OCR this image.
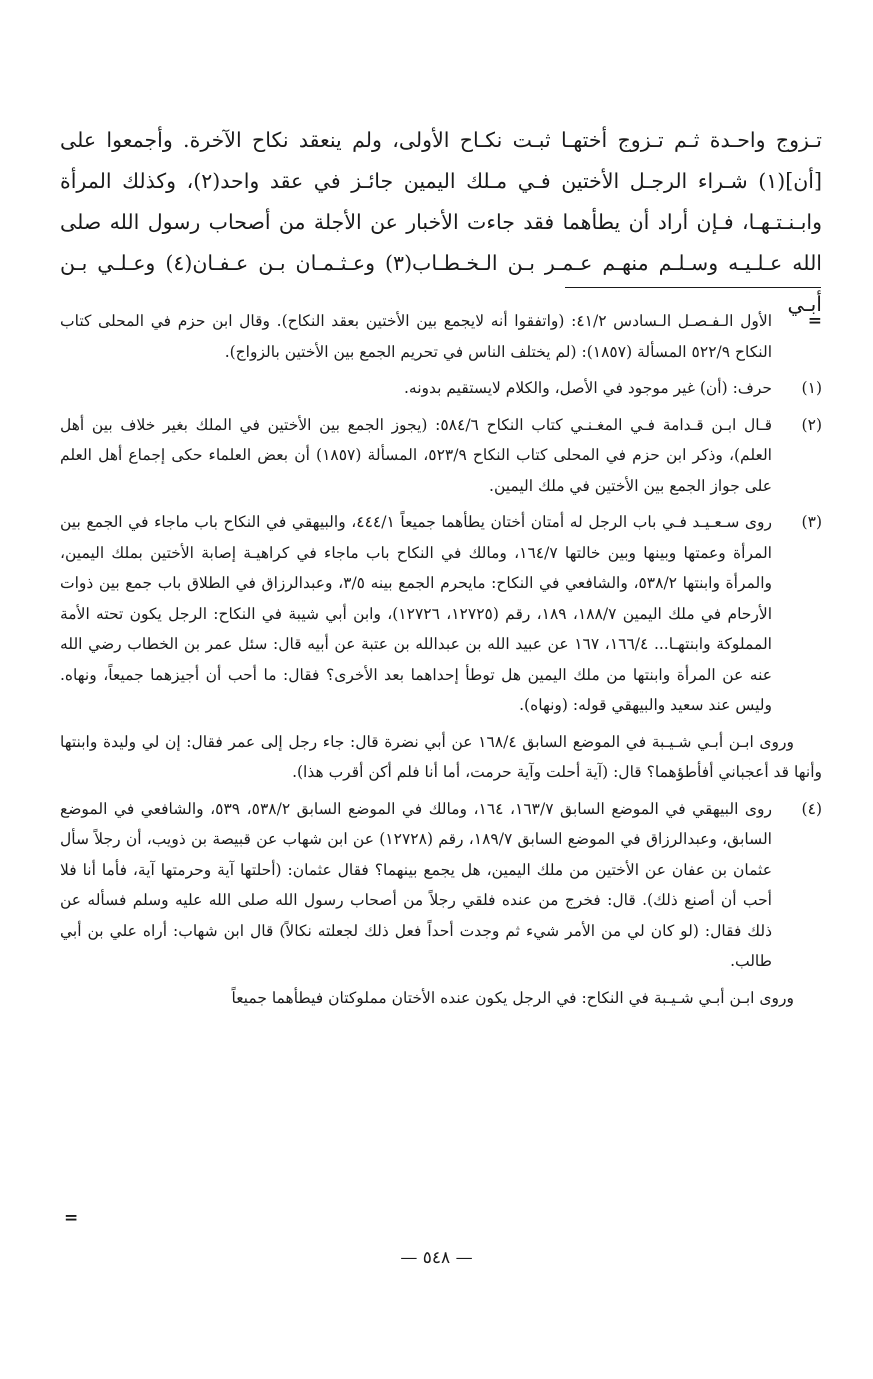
تـزوج واحـدة ثـم تـزوج أختهـا ثبـت نكـاح الأولى، ولم ينعقد نكاح الآخرة. وأجمعوا على

[أن](١) شـراء الرجـل الأختين فـي مـلك اليمين جائـز في عقد واحد(٢)، وكذلك المرأة

وابـنـتـهـا، فـإن أراد أن يطأهما فقد جاءت الأخبار عن الأجلة من أصحاب رسول الله صلى

الله عـلـيـه وسـلـم منهـم عـمـر بـن الـخـطـاب(٣) وعـثـمـان بـن عـفـان(٤) وعـلـي بـن أبـي

=

الأول الـفـصـل الـسادس ٤١/٢: (واتفقوا أنه لايجمع بين الأختين بعقد النكاح). وقال ابن حزم في المحلى كتاب النكاح ٥٢٢/٩ المسألة (١٨٥٧): (لم يختلف الناس في تحريم الجمع بين الأختين بالزواج).

(١)

حرف: (أن) غير موجود في الأصل، والكلام لايستقيم بدونه.

(٢)

قـال ابـن قـدامة فـي المغـنـي كتاب النكاح ٥٨٤/٦: (يجوز الجمع بين الأختين في الملك بغير خلاف بين أهل العلم)، وذكر ابن حزم في المحلى كتاب النكاح ٥٢٣/٩، المسألة (١٨٥٧) أن بعض العلماء حكى إجماع أهل العلم على جواز الجمع بين الأختين في ملك اليمين.

(٣)

روى سـعـيـد فـي باب الرجل له أمتان أختان يطأهما جميعاً ٤٤٤/١، والبيهقي في النكاح باب ماجاء في الجمع بين المرأة وعمتها وبينها وبين خالتها ١٦٤/٧، ومالك في النكاح باب ماجاء في كراهيـة إصابة الأختين بملك اليمين، والمرأة وابنتها ٥٣٨/٢، والشافعي في النكاح: مايحرم الجمع بينه ٣/٥، وعبدالرزاق في الطلاق باب جمع بين ذوات الأرحام في ملك اليمين ١٨٨/٧، ١٨٩، رقم (١٢٧٢٥، ١٢٧٢٦)، وابن أبي شيبة في النكاح: الرجل يكون تحته الأمة المملوكة وابنتهـا... ١٦٦/٤، ١٦٧ عن عبيد الله بن عبدالله بن عتبة عن أبيه قال: سئل عمر بن الخطاب رضي الله عنه عن المرأة وابنتها من ملك اليمين هل توطأ إحداهما بعد الأخرى؟ فقال: ما أحب أن أجيزهما جميعاً، ونهاه. وليس عند سعيد والبيهقي قوله: (ونهاه).

وروى ابـن أبـي شـيـبة في الموضع السابق ١٦٨/٤ عن أبي نضرة قال: جاء رجل إلى عمر فقال: إن لي وليدة وابنتها وأنها قد أعجباني أفأطؤهما؟ قال: (آية أحلت وآية حرمت، أما أنا فلم أكن أقرب هذا).

(٤)

روى البيهقي في الموضع السابق ١٦٣/٧، ١٦٤، ومالك في الموضع السابق ٥٣٨/٢، ٥٣٩، والشافعي في الموضع السابق، وعبدالرزاق في الموضع السابق ١٨٩/٧، رقم (١٢٧٢٨) عن ابن شهاب عن قبيصة بن ذويب، أن رجلاً سأل عثمان بن عفان عن الأختين من ملك اليمين، هل يجمع بينهما؟ فقال عثمان: (أحلتها آية وحرمتها آية، فأما أنا فلا أحب أن أصنع ذلك). قال: فخرج من عنده فلقي رجلاً من أصحاب رسول الله صلى الله عليه وسلم فسأله عن ذلك فقال: (لو كان لي من الأمر شيء ثم وجدت أحداً فعل ذلك لجعلته نكالاً) قال ابن شهاب: أراه علي بن أبي طالب.

وروى ابـن أبـي شـيـبة في النكاح: في الرجل يكون عنده الأختان مملوكتان فيطأهما جميعاً

=
— ٥٤٨ —
